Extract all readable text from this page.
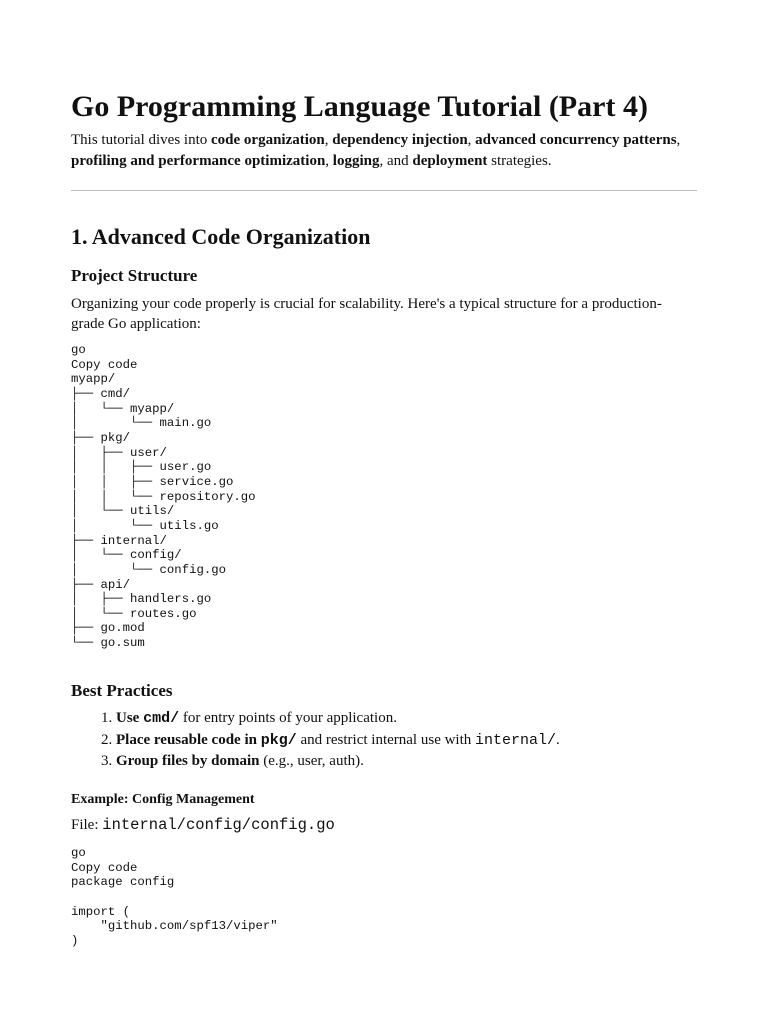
Go Programming Language Tutorial (Part 4)

This tutorial dives into code organization, dependency injection, advanced concurrency patterns,
profiling and performance optimization, logging, and deployment strategies.

1. Advanced Code Organization
Project Structure

Organizing your code properly is crucial for scalability. Here's a typical structure for a production-grade Go application:

go
Copy code
myapp/
├── cmd/
│   └── myapp/
│       └── main.go
├── pkg/
│   ├── user/
│   │   ├── user.go
│   │   ├── service.go
│   │   └── repository.go
│   └── utils/
│       └── utils.go
├── internal/
│   └── config/
│       └── config.go
├── api/
│   ├── handlers.go
│   └── routes.go
├── go.mod
└── go.sum
Best Practices
1. Use cmd/ for entry points of your application.
2. Place reusable code in pkg/ and restrict internal use with internal/.
3. Group files by domain (e.g., user, auth).
Example: Config Management

File: internal/config/config.go

go
Copy code
package config

import (
"github.com/spf13/viper"
)
